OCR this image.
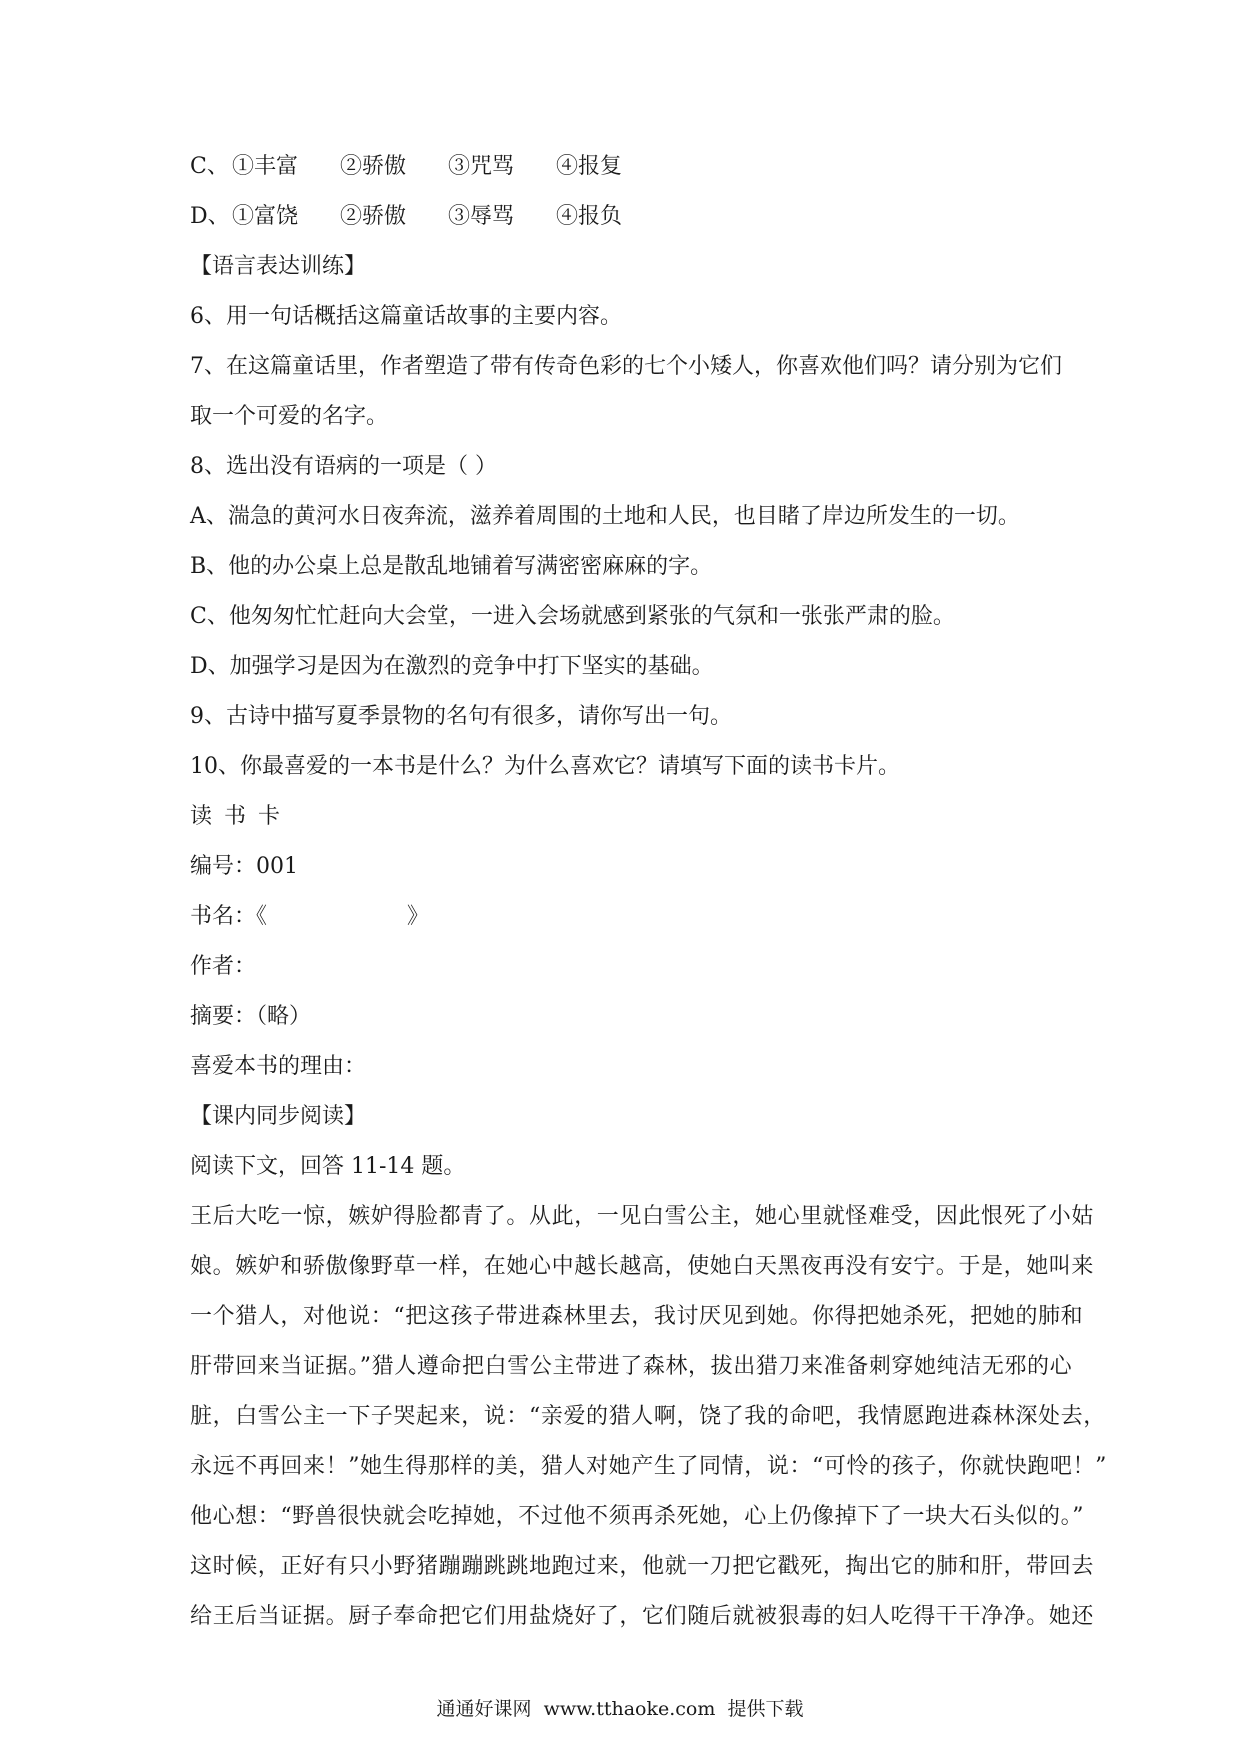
C、 ①丰富	②骄傲	③咒骂	④报复
D、 ①富饶	②骄傲	③辱骂	④报负
【语言表达训练】
6、用一句话概括这篇童话故事的主要内容。
7、在这篇童话里，作者塑造了带有传奇色彩的七个小矮人，你喜欢他们吗？请分别为它们
取一个可爱的名字。
8、选出没有语病的一项是（ ）
A、湍急的黄河水日夜奔流，滋养着周围的土地和人民，也目睹了岸边所发生的一切。
B、他的办公桌上总是散乱地铺着写满密密麻麻的字。
C、他匆匆忙忙赶向大会堂，一进入会场就感到紧张的气氛和一张张严肃的脸。
D、加强学习是因为在激烈的竞争中打下坚实的基础。
9、古诗中描写夏季景物的名句有很多，请你写出一句。
10、你最喜爱的一本书是什么？为什么喜欢它？请填写下面的读书卡片。
读书卡
编号：001
书名：《                    》
作者：
摘要：（略）
喜爱本书的理由：
【课内同步阅读】
阅读下文，回答 11-14 题。
王后大吃一惊，嫉妒得脸都青了。从此，一见白雪公主，她心里就怪难受，因此恨死了小姑
娘。嫉妒和骄傲像野草一样，在她心中越长越高，使她白天黑夜再没有安宁。于是，她叫来
一个猎人，对他说：“把这孩子带进森林里去，我讨厌见到她。你得把她杀死，把她的肺和
肝带回来当证据。”猎人遵命把白雪公主带进了森林，拔出猎刀来准备刺穿她纯洁无邪的心
脏，白雪公主一下子哭起来，说：“亲爱的猎人啊，饶了我的命吧，我情愿跑进森林深处去，
永远不再回来！”她生得那样的美，猎人对她产生了同情，说：“可怜的孩子，你就快跑吧！”
他心想：“野兽很快就会吃掉她，不过他不须再杀死她，心上仍像掉下了一块大石头似的。”
这时候，正好有只小野猪蹦蹦跳跳地跑过来，他就一刀把它戳死，掏出它的肺和肝，带回去
给王后当证据。厨子奉命把它们用盐烧好了，它们随后就被狠毒的妇人吃得干干净净。她还
通通好课网  www.tthaoke.com  提供下载
